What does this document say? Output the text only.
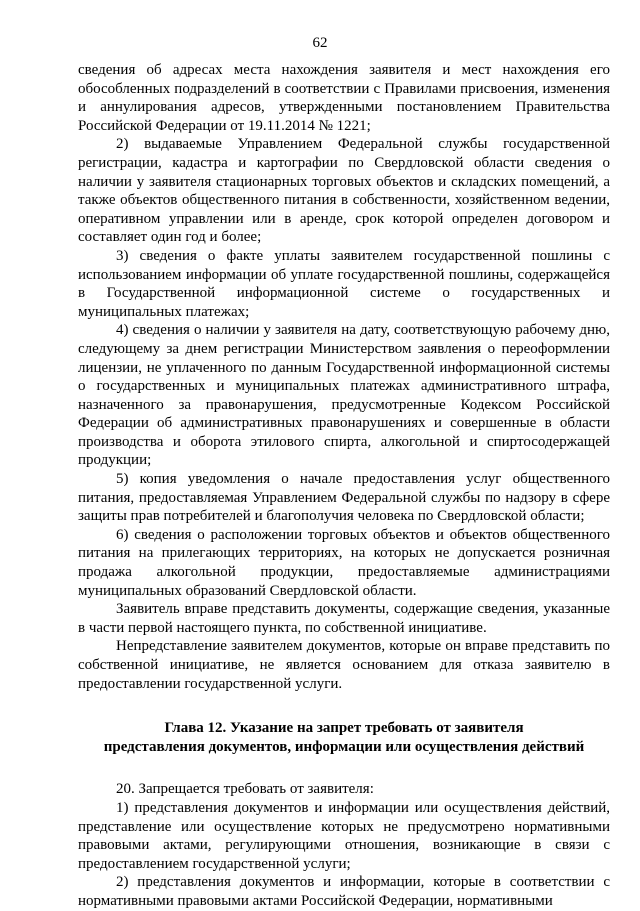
62

сведения об адресах места нахождения заявителя и мест нахождения его обособленных подразделений в соответствии с Правилами присвоения, изменения и аннулирования адресов, утвержденными постановлением Правительства Российской Федерации от 19.11.2014 № 1221;

2) выдаваемые Управлением Федеральной службы государственной регистрации, кадастра и картографии по Свердловской области сведения о наличии у заявителя стационарных торговых объектов и складских помещений, а также объектов общественного питания в собственности, хозяйственном ведении, оперативном управлении или в аренде, срок которой определен договором и составляет один год и более;

3) сведения о факте уплаты заявителем государственной пошлины с использованием информации об уплате государственной пошлины, содержащейся в Государственной информационной системе о государственных и муниципальных платежах;

4) сведения о наличии у заявителя на дату, соответствующую рабочему дню, следующему за днем регистрации Министерством заявления о переоформлении лицензии, не уплаченного по данным Государственной информационной системы о государственных и муниципальных платежах административного штрафа, назначенного за правонарушения, предусмотренные Кодексом Российской Федерации об административных правонарушениях и совершенные в области производства и оборота этилового спирта, алкогольной и спиртосодержащей продукции;

5) копия уведомления о начале предоставления услуг общественного питания, предоставляемая Управлением Федеральной службы по надзору в сфере защиты прав потребителей и благополучия человека по Свердловской области;

6) сведения о расположении торговых объектов и объектов общественного питания на прилегающих территориях, на которых не допускается розничная продажа алкогольной продукции, предоставляемые администрациями муниципальных образований Свердловской области.

Заявитель вправе представить документы, содержащие сведения, указанные в части первой настоящего пункта, по собственной инициативе.

Непредставление заявителем документов, которые он вправе представить по собственной инициативе, не является основанием для отказа заявителю в предоставлении государственной услуги.

Глава 12. Указание на запрет требовать от заявителя
представления документов, информации или осуществления действий

20. Запрещается требовать от заявителя:

1) представления документов и информации или осуществления действий, представление или осуществление которых не предусмотрено нормативными правовыми актами, регулирующими отношения, возникающие в связи с предоставлением государственной услуги;

2) представления документов и информации, которые в соответствии с нормативными правовыми актами Российской Федерации, нормативными
